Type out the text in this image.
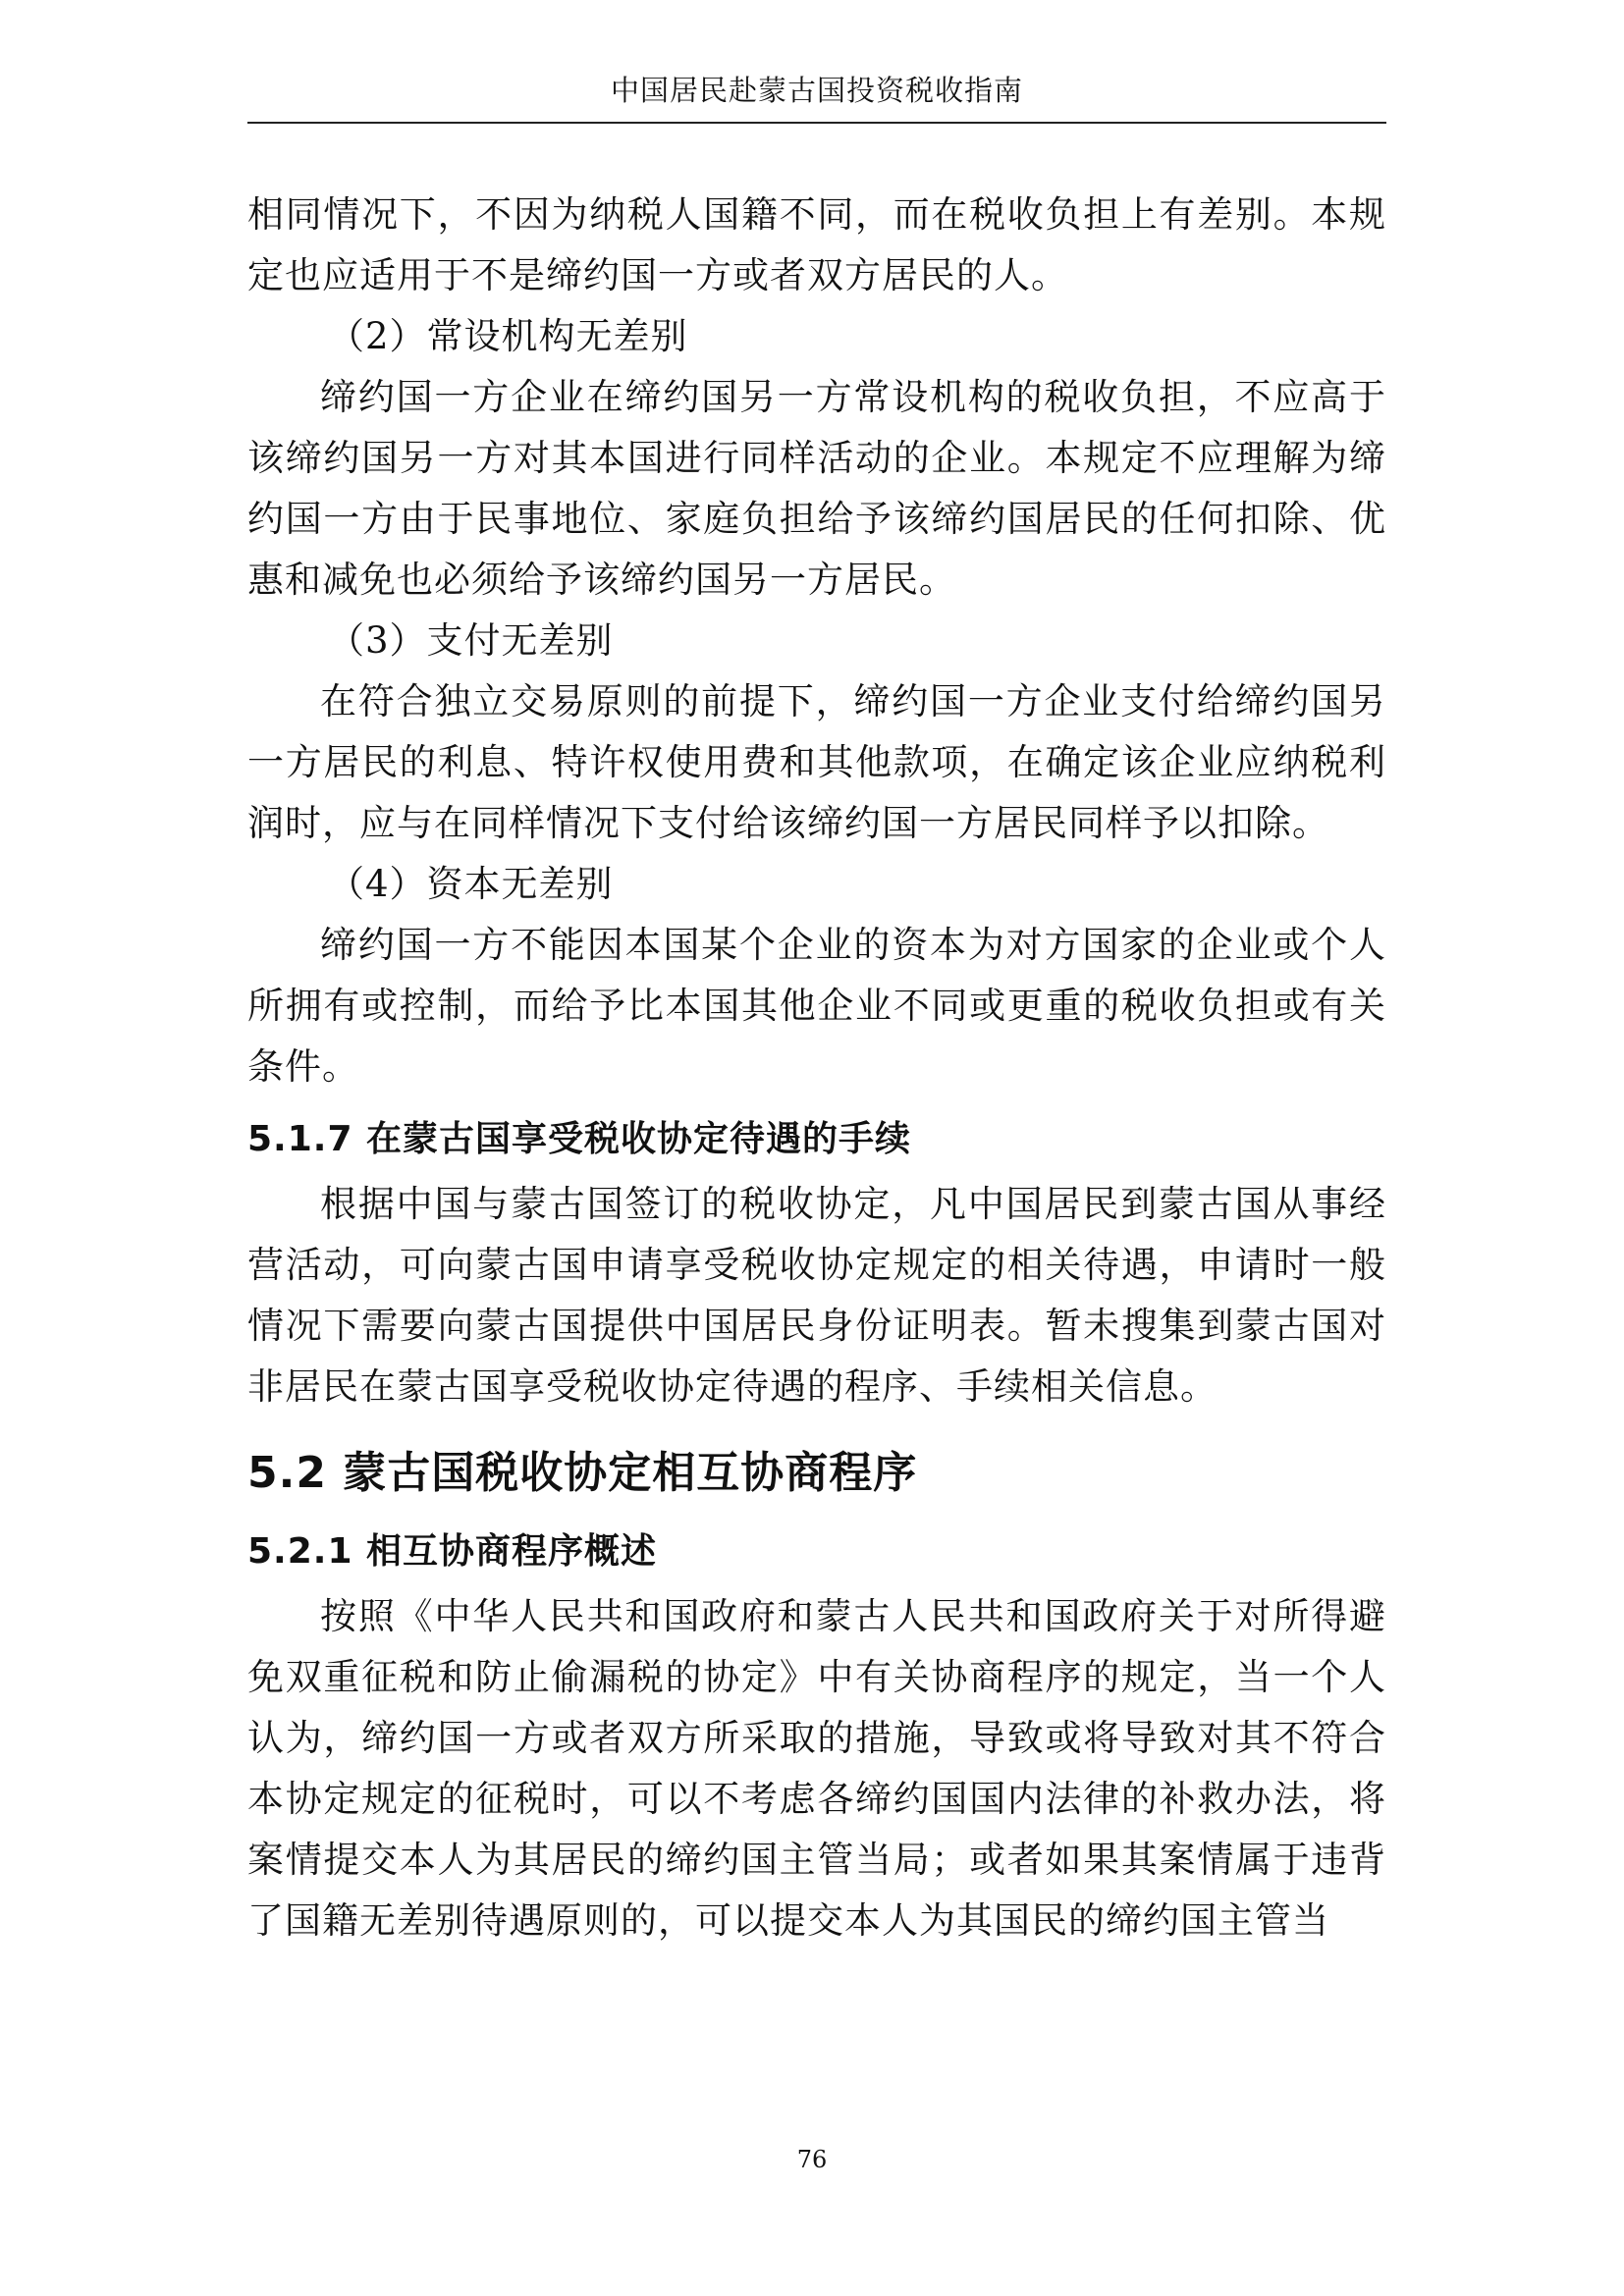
中国居民赴蒙古国投资税收指南

相同情况下，不因为纳税人国籍不同，而在税收负担上有差别。本规定也应适用于不是缔约国一方或者双方居民的人。

（2）常设机构无差别

缔约国一方企业在缔约国另一方常设机构的税收负担，不应高于该缔约国另一方对其本国进行同样活动的企业。本规定不应理解为缔约国一方由于民事地位、家庭负担给予该缔约国居民的任何扣除、优惠和减免也必须给予该缔约国另一方居民。

（3）支付无差别

在符合独立交易原则的前提下，缔约国一方企业支付给缔约国另一方居民的利息、特许权使用费和其他款项，在确定该企业应纳税利润时，应与在同样情况下支付给该缔约国一方居民同样予以扣除。

（4）资本无差别

缔约国一方不能因本国某个企业的资本为对方国家的企业或个人所拥有或控制，而给予比本国其他企业不同或更重的税收负担或有关条件。

5.1.7 在蒙古国享受税收协定待遇的手续

根据中国与蒙古国签订的税收协定，凡中国居民到蒙古国从事经营活动，可向蒙古国申请享受税收协定规定的相关待遇，申请时一般情况下需要向蒙古国提供中国居民身份证明表。暂未搜集到蒙古国对非居民在蒙古国享受税收协定待遇的程序、手续相关信息。

5.2 蒙古国税收协定相互协商程序
5.2.1 相互协商程序概述

按照《中华人民共和国政府和蒙古人民共和国政府关于对所得避免双重征税和防止偷漏税的协定》中有关协商程序的规定，当一个人认为，缔约国一方或者双方所采取的措施，导致或将导致对其不符合本协定规定的征税时，可以不考虑各缔约国国内法律的补救办法，将案情提交本人为其居民的缔约国主管当局；或者如果其案情属于违背了国籍无差别待遇原则的，可以提交本人为其国民的缔约国主管当

76
